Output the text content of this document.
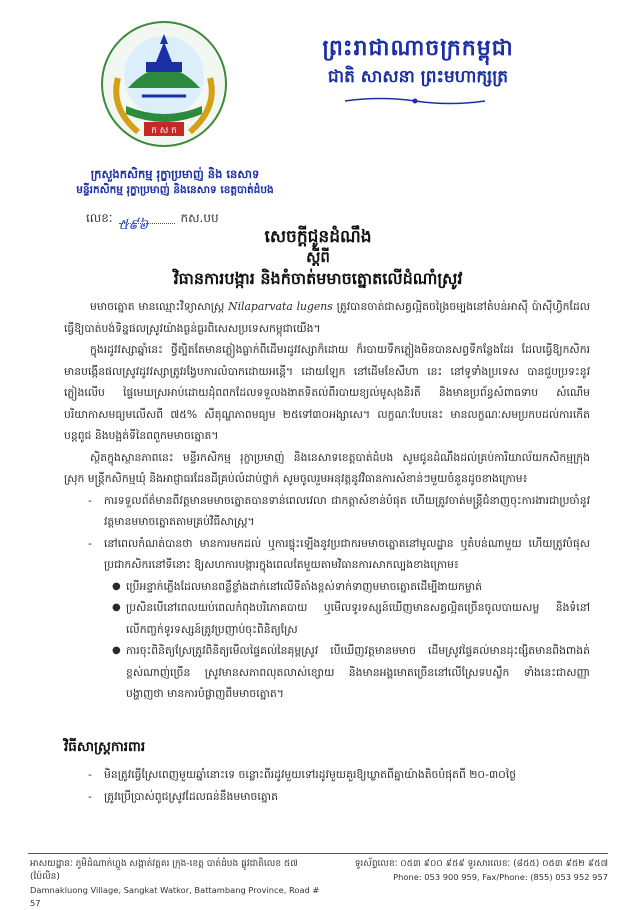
ក ស ក
ព្រះរាជាណាចក្រកម្ពុជា
ជាតិ សាសនា ព្រះមហាក្សត្រ
ក្រសួងកសិកម្ម រុក្ខាប្រមាញ់ និង នេសាទ
មន្ទីរកសិកម្ម រុក្ខាប្រមាញ់ និងនេសាទ ខេត្តបាត់ដំបង
លេខៈ ៥៩៦	កស.បប
សេចក្តីជូនដំណឹង
ស្តីពី
វិធានការបង្ការ និងកំចាត់មមាចត្នោតលើដំណាំស្រូវ

មមាចត្នោត មានឈ្មោះវិទ្យាសាស្ត្រ Nilaparvata lugens ត្រូវបានចាត់ជាសត្វល្អិតចង្រៃចម្បងនៅតំបន់អាស៊ី ប៉ាស៊ីហ្វិកដែលធ្វើឱ្យបាត់បង់ទិន្នផលស្រូវយ៉ាងធ្ងន់ធ្ងរពិសេសប្រទេសកម្ពុជាយើង។

ក្នុងរដូវវស្សាឆ្នាំនេះ ថ្វីត្បិតតែមានភ្លៀងធ្លាក់ពីដើមរដូវវស្សាក៏ដោយ ក៏របាយទឹកភ្លៀងមិនបានសព្វទីកន្លែងដែរ ដែលធ្វើឱ្យកសិករមានបង្កើនផលស្រូវដូវវស្សាត្រូវរង្វែបការលំបាកដោយអន្តើ។ ដោយឡែក នៅដើមខែសីហា នេះ នៅទូទាំងប្រទេស បានជួបប្រទះនូវភ្លៀងលើប ផ្ទៃមេឃស្រអាប់ដោយដុំពពកដែលទទួលងងាតទិតល់ពីរបាយខ្យល់មូសុងនិរតី និងមានប្រព័ន្ធសំពាធទាប សំណើមបរិយាកាសមធ្យមលើសពី ៧៥% សីតុណ្ហភាពមធ្យម ២៥ទៅ៣០អង្សាសេ។ លក្ខណៈបែបនេះ មានលក្ខណៈសមប្រកបដល់ការកើត បន្តពូជ និងបង្អត់ទីនៃពពួកមមាចត្នោត។

ស្ថិតក្នុងស្ថានភាពនេះ មន្ទីរកសិកម្ម រុក្ខាប្រមាញ់ និងនេសាទខេត្តបាត់ដំបង សូមជូនដំណឹងដល់គ្រប់ការិយាល័យកសិកម្មក្រុង ស្រុក មន្ត្រីកសិកម្មឃុំ និងអាជ្ញាធរដែនដីគ្រប់លំដាប់ថ្នាក់ សូមចូលរួមអនុវត្តនូវវិធានការសំខាន់ៗមួយចំនួនដូចខាងក្រោម៖

-	ការទទួលព័ត៌មានពីវត្តមានមមាចត្នោតបានទាន់ពេលវេលា ជាកត្តាសំខាន់បំផុត ហើយត្រូវចាត់មន្ត្រីជំនាញចុះការងារជាប្រចាំនូវវត្តមានមមាចត្នោតតាមគ្រប់វិធីសាស្ត្រ។
-	នៅពេលកំណត់បានថា មានការមកដល់ ឬការផ្ទុះឡើងនូវប្រជាករមមាចត្នោតនៅមូលដ្ឋាន ឬតំបន់ណាមួយ ហើយត្រូវបំផុសប្រជាកសិករនៅទីនោះ ឱ្យសហការបង្ការក្នុងពេលតែមួយតាមវិធានការសាកល្បងខាងក្រោម៖
● ប្រើអន្ទាក់ភ្លើងដែលមានពន្លឺខ្លាំងដាក់នៅលើទីតាំងខ្ពស់ទាក់ទាញមមាចត្នោតដើម្បីងាយកម្ចាត់
● ប្រសិនបើនៅពេលយប់ពេលកំពុងបរិភោគបាយ ឬមើលទូរទស្សន៍ឃើញមានសត្វល្អិតច្រើនចូលបាយសម្ល និងទំនៅលើកញ្ចក់ទូរទស្សន៍ត្រូវប្រញាប់ចុះពិនិត្យស្រែ
● ការចុះពិនិត្យស្រែត្រូវពិនិត្យមើលផ្ទៃគល់នៃគុម្ពស្រូវ បើឃើញវត្តមានមមាច ដើមស្រូវផ្ទៃគល់មានដុះផ្សិតមានពិងពាងត់ខ្ពស់ណាញ់ច្រើន ស្រូវមានសភាពលុតលាស់ខ្សោយ និងមានអង្គមោតច្រើននៅលើស្រែទបស្លឹក ទាំងនេះជាសញ្ញាបង្ហាញថា មានការបំផ្លាញពីមមាចត្នោត។
វិធីសាស្ត្រការពារ
-	មិនត្រូវធ្វើស្រែពេញមួយឆ្នាំនោះទេ ចន្លោះពីរដូវមួយទៅរដូវមួយគួរឱ្យឃ្លាតពីគ្នាយ៉ាងតិចបំផុតពី ២០-៣០ថ្ងៃ
-	ត្រូវប្រើប្រាស់ពូជស្រូវដែលធន់នឹងមមាចត្នោត
អាសយដ្ឋានៈ ភូមិដំណាក់ហ្លួង សង្កាត់វត្តគរ ក្រុង-ខេត្ត បាត់ដំបង ផ្លូវជាតិលេខ ៥៧ (ប៉ៃលិន)
Damnakluong Village, Sangkat Watkor, Battambang Province, Road # 57
ទូរស័ព្ទលេខៈ ០៥៣ ៩០០ ៩៥៩ ទូរសារលេខៈ (៨៥៥) ០៥៣ ៩៥២ ៩៥៧
Phone: 053 900 959, Fax/Phone: (855) 053 952 957
